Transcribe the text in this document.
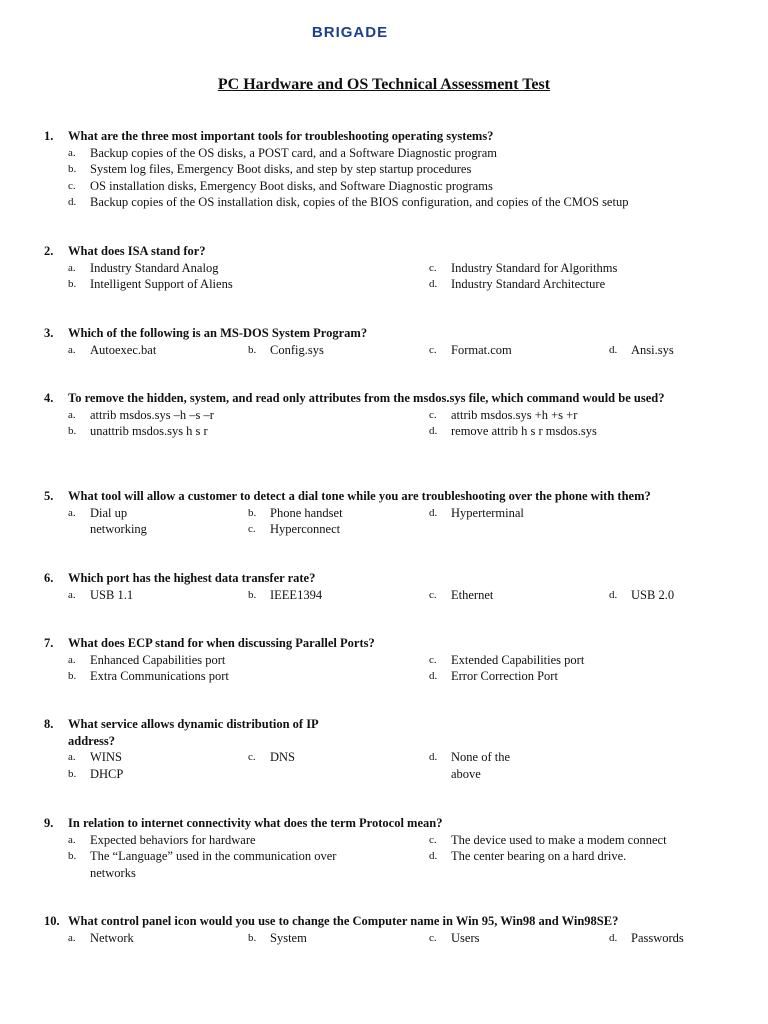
BRIGADE
PC Hardware and OS Technical Assessment Test
1.	What are the three most important tools for troubleshooting operating systems?
a.	Backup copies of the OS disks, a POST card, and a Software Diagnostic program
b.	System log files, Emergency Boot disks, and step by step startup procedures
c.	OS installation disks, Emergency Boot disks, and Software Diagnostic programs
d.	Backup copies of the OS installation disk, copies of the BIOS configuration, and copies of the CMOS setup
2.	What does ISA stand for?
a.	Industry Standard Analog	c.	Industry Standard for Algorithms
b.	Intelligent Support of Aliens	d.	Industry Standard Architecture
3.	Which of the following is an MS-DOS System Program?
a.	Autoexec.bat	b.	Config.sys	c.	Format.com	d.	Ansi.sys
4.	To remove the hidden, system, and read only attributes from the msdos.sys file, which command would be used?
a.	attrib msdos.sys –h –s –r	c.	attrib msdos.sys +h +s +r
b.	unattrib msdos.sys h s r	d.	remove attrib h s r msdos.sys
5.	What tool will allow a customer to detect a dial tone while you are troubleshooting over the phone with them?
a.	Dial up networking
b.	Phone handset
c.	Hyperconnect
d.	Hyperterminal
6.	Which port has the highest data transfer rate?
a.	USB 1.1	b.	IEEE1394	c.	Ethernet	d.	USB 2.0
7.	What does ECP stand for when discussing Parallel Ports?
a.	Enhanced Capabilities port	c.	Extended Capabilities port
b.	Extra Communications port	d.	Error Correction Port
8.	What service allows dynamic distribution of IP address?
a.	WINS	c.	DNS	d.	None of the above
b.	DHCP
9.	In relation to internet connectivity what does the term Protocol mean?
a.	Expected behaviors for hardware	c.	The device used to make a modem connect
b.	The “Language” used in the communication over networks
d.	The center bearing on a hard drive.
10. What control panel icon would you use to change the Computer name in Win 95, Win98 and Win98SE?
a.	Network	b.	System	c.	Users	d.	Passwords
